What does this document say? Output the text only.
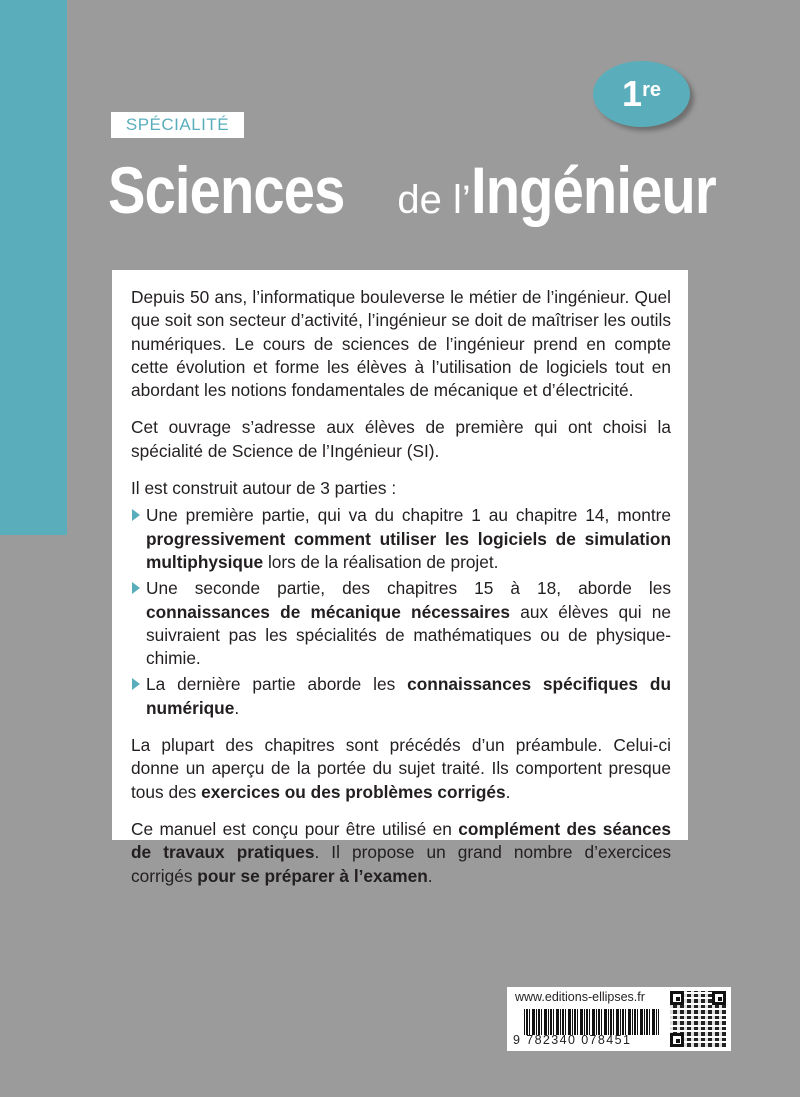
SPÉCIALITÉ
1re
Sciences de l’Ingénieur

Depuis 50 ans, l’informatique bouleverse le métier de l’ingénieur. Quel que soit son secteur d’activité, l’ingénieur se doit de maîtriser les outils numériques. Le cours de sciences de l’ingénieur prend en compte cette évolution et forme les élèves à l’utilisation de logiciels tout en abordant les notions fondamentales de mécanique et d’électricité.

Cet ouvrage s’adresse aux élèves de première qui ont choisi la spécialité de Science de l’Ingénieur (SI).

Il est construit autour de 3 parties :

Une première partie, qui va du chapitre 1 au chapitre 14, montre progressivement comment utiliser les logiciels de simulation multiphysique lors de la réalisation de projet.
Une seconde partie, des chapitres 15 à 18, aborde les connaissances de mécanique nécessaires aux élèves qui ne suivraient pas les spécialités de mathématiques ou de physique-chimie.
La dernière partie aborde les connaissances spécifiques du numérique.

La plupart des chapitres sont précédés d’un préambule. Celui-ci donne un aperçu de la portée du sujet traité. Ils comportent presque tous des exercices ou des problèmes corrigés.

Ce manuel est conçu pour être utilisé en complément des séances de travaux pratiques. Il propose un grand nombre d’exercices corrigés pour se préparer à l’examen.

www.editions-ellipses.fr
9 782340 078451
